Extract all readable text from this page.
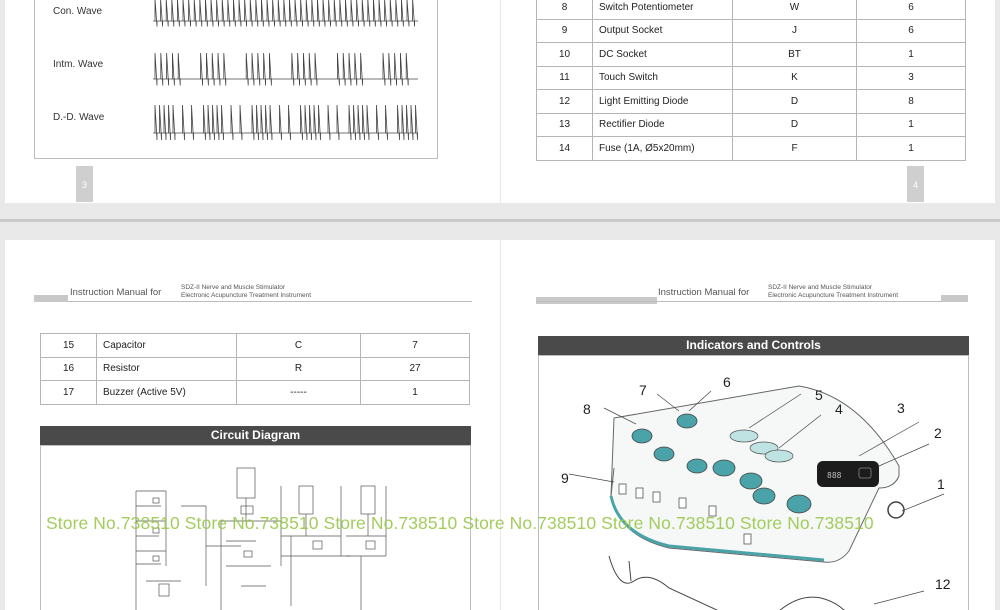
Con. Wave
Intm. Wave
D.-D. Wave
3
8	Switch Potentiometer	W	6
9	Output Socket	J	6
10	DC Socket	BT	1
11	Touch Switch	K	3
12	Light Emitting Diode	D	8
13	Rectifier Diode	D	1
14	Fuse (1A, Ø5x20mm)	F	1
4
Instruction Manual for	SDZ-II Nerve and Muscle Stimulator
Electronic Acupuncture Treatment Instrument
15	Capacitor	C	7
16	Resistor	R	27
17	Buzzer (Active 5V)	-----	1
Circuit Diagram
Instruction Manual for	SDZ-II Nerve and Muscle Stimulator
Electronic Acupuncture Treatment Instrument
Indicators and Controls
888
1
2
3
4
5
6
7
8
9
12
Store No.738510 Store No.738510 Store No.738510 Store No.738510 Store No.738510 Store No.738510
